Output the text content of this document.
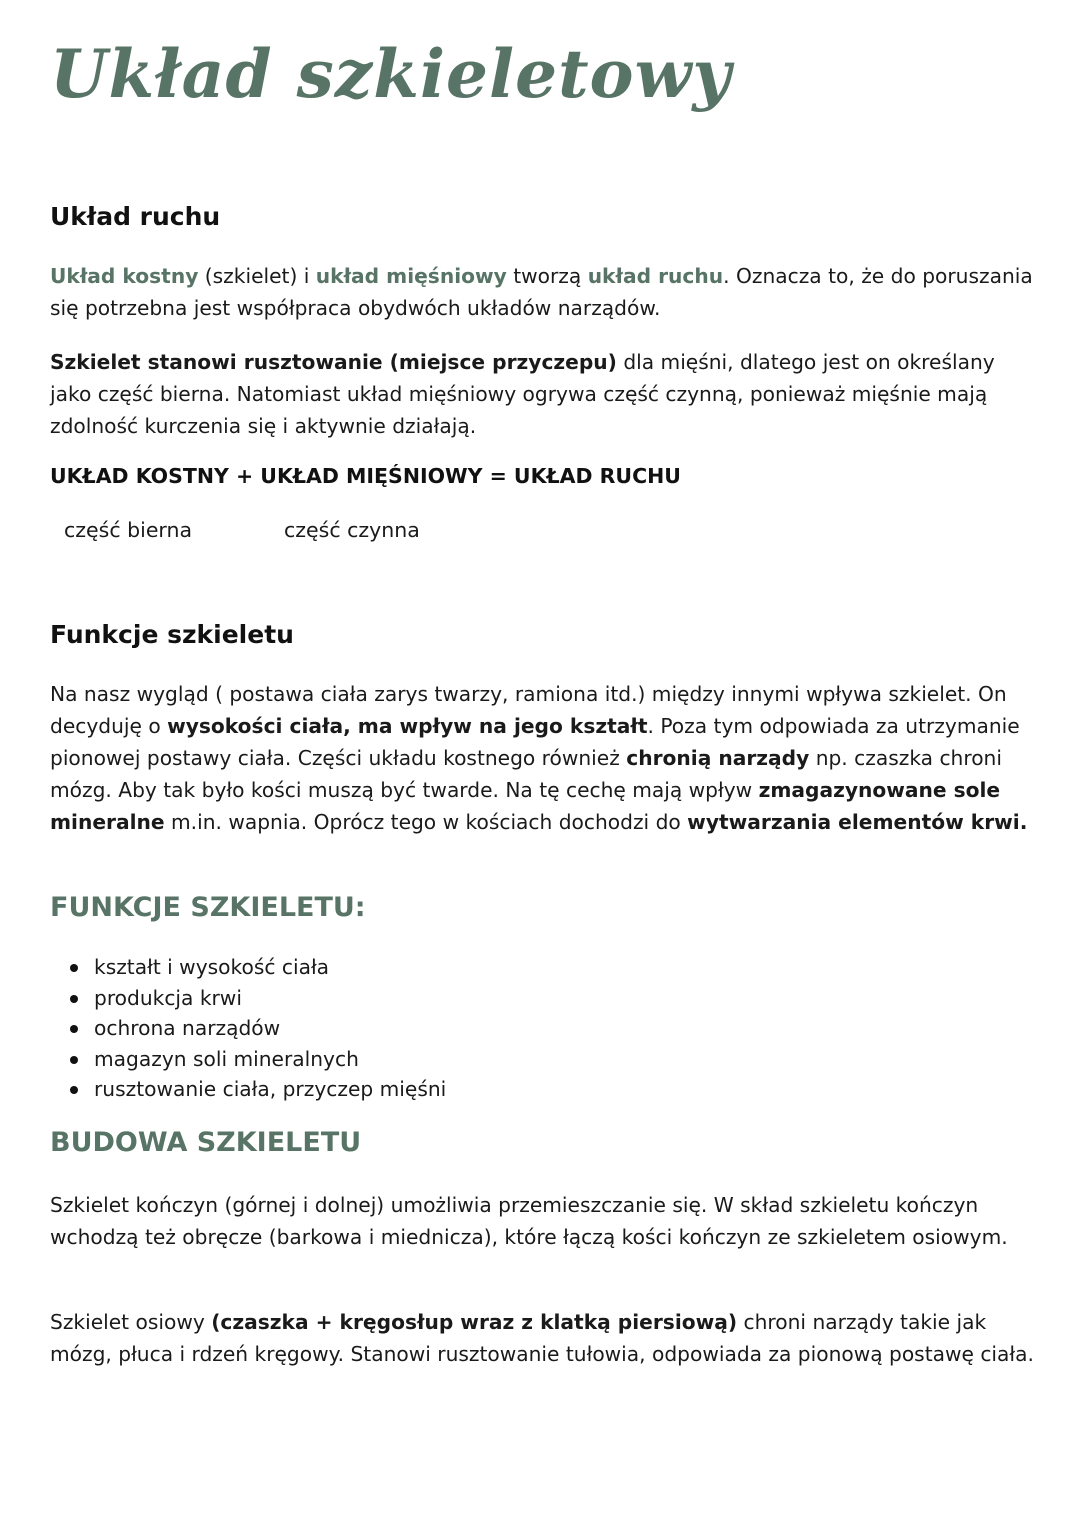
Układ szkieletowy
Układ ruchu

Układ kostny (szkielet) i układ mięśniowy tworzą układ ruchu. Oznacza to, że do poruszania się potrzebna jest współpraca obydwóch układów narządów.

Szkielet stanowi rusztowanie (miejsce przyczepu) dla mięśni, dlatego jest on określany jako część bierna. Natomiast układ mięśniowy ogrywa część czynną, ponieważ mięśnie mają zdolność kurczenia się i aktywnie działają.

UKŁAD KOSTNY + UKŁAD MIĘŚNIOWY = UKŁAD RUCHU

część bierna	część czynna

Funkcje szkieletu

Na nasz wygląd ( postawa ciała zarys twarzy, ramiona itd.) między innymi wpływa szkielet. On decyduję o wysokości ciała, ma wpływ na jego kształt. Poza tym odpowiada za utrzymanie pionowej postawy ciała. Części układu kostnego również chronią narządy np. czaszka chroni mózg. Aby tak było kości muszą być twarde. Na tę cechę mają wpływ zmagazynowane sole mineralne m.in. wapnia. Oprócz tego w kościach dochodzi do wytwarzania elementów krwi.

FUNKCJE SZKIELETU:
kształt i wysokość ciała
produkcja krwi
ochrona narządów
magazyn soli mineralnych
rusztowanie ciała, przyczep mięśni
BUDOWA SZKIELETU

Szkielet kończyn (górnej i dolnej) umożliwia przemieszczanie się. W skład szkieletu kończyn wchodzą też obręcze (barkowa i miednicza), które łączą kości kończyn ze szkieletem osiowym.

Szkielet osiowy (czaszka + kręgosłup wraz z klatką piersiową) chroni narządy takie jak mózg, płuca i rdzeń kręgowy. Stanowi rusztowanie tułowia, odpowiada za pionową postawę ciała.
